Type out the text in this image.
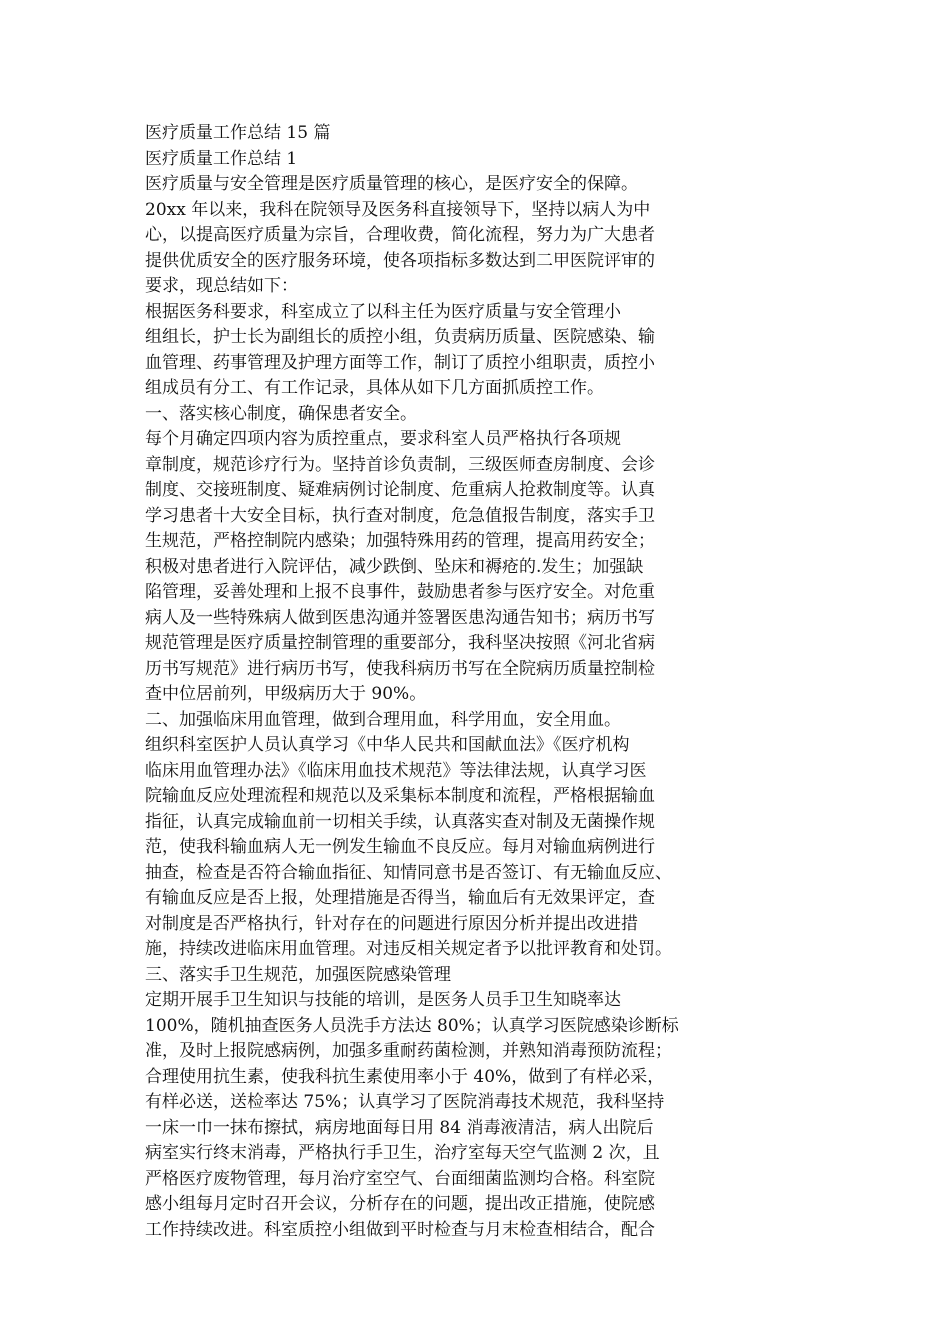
医疗质量工作总结 15 篇
医疗质量工作总结 1
医疗质量与安全管理是医疗质量管理的核心，是医疗安全的保障。
20xx 年以来，我科在院领导及医务科直接领导下，坚持以病人为中
心，以提高医疗质量为宗旨，合理收费，简化流程，努力为广大患者
提供优质安全的医疗服务环境，使各项指标多数达到二甲医院评审的
要求，现总结如下：
根据医务科要求，科室成立了以科主任为医疗质量与安全管理小
组组长，护士长为副组长的质控小组，负责病历质量、医院感染、输
血管理、药事管理及护理方面等工作，制订了质控小组职责，质控小
组成员有分工、有工作记录，具体从如下几方面抓质控工作。
一、落实核心制度，确保患者安全。
每个月确定四项内容为质控重点，要求科室人员严格执行各项规
章制度，规范诊疗行为。坚持首诊负责制，三级医师查房制度、会诊
制度、交接班制度、疑难病例讨论制度、危重病人抢救制度等。认真
学习患者十大安全目标，执行查对制度，危急值报告制度，落实手卫
生规范，严格控制院内感染；加强特殊用药的管理，提高用药安全；
积极对患者进行入院评估，减少跌倒、坠床和褥疮的.发生；加强缺
陷管理，妥善处理和上报不良事件，鼓励患者参与医疗安全。对危重
病人及一些特殊病人做到医患沟通并签署医患沟通告知书；病历书写
规范管理是医疗质量控制管理的重要部分，我科坚决按照《河北省病
历书写规范》进行病历书写，使我科病历书写在全院病历质量控制检
查中位居前列，甲级病历大于 90%。
二、加强临床用血管理，做到合理用血，科学用血，安全用血。
组织科室医护人员认真学习《中华人民共和国献血法》《医疗机构
临床用血管理办法》《临床用血技术规范》等法律法规，认真学习医
院输血反应处理流程和规范以及采集标本制度和流程，严格根据输血
指征，认真完成输血前一切相关手续，认真落实查对制及无菌操作规
范，使我科输血病人无一例发生输血不良反应。每月对输血病例进行
抽查，检查是否符合输血指征、知情同意书是否签订、有无输血反应、
有输血反应是否上报，处理措施是否得当，输血后有无效果评定，查
对制度是否严格执行，针对存在的问题进行原因分析并提出改进措
施，持续改进临床用血管理。对违反相关规定者予以批评教育和处罚。
三、落实手卫生规范，加强医院感染管理
定期开展手卫生知识与技能的培训，是医务人员手卫生知晓率达
100%，随机抽查医务人员洗手方法达 80%；认真学习医院感染诊断标
准，及时上报院感病例，加强多重耐药菌检测，并熟知消毒预防流程；
合理使用抗生素，使我科抗生素使用率小于 40%，做到了有样必采，
有样必送，送检率达 75%；认真学习了医院消毒技术规范，我科坚持
一床一巾一抹布擦拭，病房地面每日用 84 消毒液清洁，病人出院后
病室实行终末消毒，严格执行手卫生，治疗室每天空气监测 2 次，且
严格医疗废物管理，每月治疗室空气、台面细菌监测均合格。科室院
感小组每月定时召开会议，分析存在的问题，提出改正措施，使院感
工作持续改进。科室质控小组做到平时检查与月末检查相结合，配合
